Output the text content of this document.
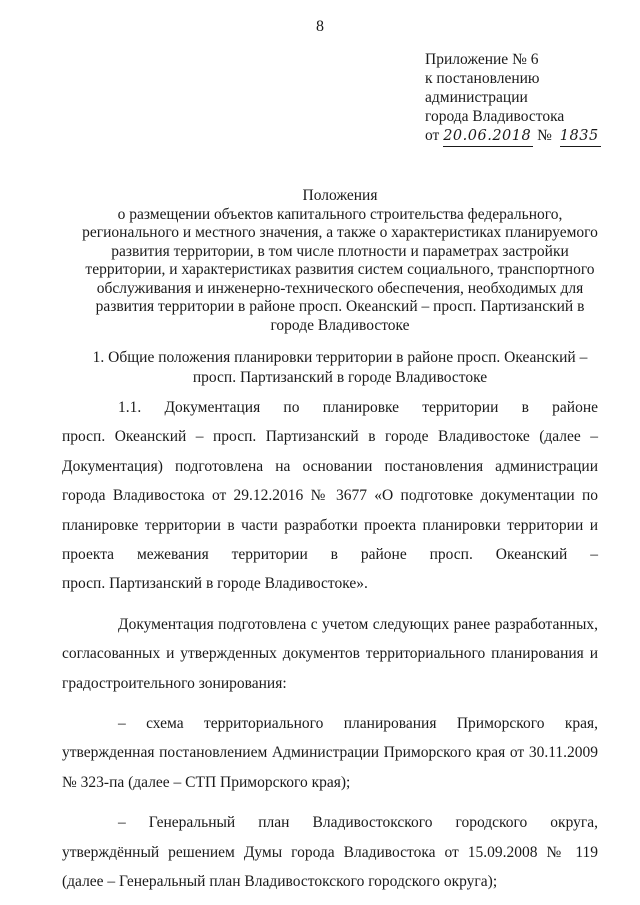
8
Приложение № 6
к постановлению
администрации
города Владивостока
от 20.06.2018 № 1835
Положения
о размещении объектов капитального строительства федерального,
регионального и местного значения, а также о характеристиках планируемого
развития территории, в том числе плотности и параметрах застройки
территории, и характеристиках развития систем социального, транспортного
обслуживания и инженерно-технического обеспечения, необходимых для
развития территории в районе просп. Океанский – просп. Партизанский в
городе Владивостоке
1. Общие положения планировки территории в районе просп. Океанский –
просп. Партизанский в городе Владивостоке
1.1. Документация по планировке территории в районе
просп. Океанский – просп. Партизанский в городе Владивостоке (далее –
Документация) подготовлена на основании постановления администрации
города Владивостока от 29.12.2016 № 3677 «О подготовке документации по
планировке территории в части разработки проекта планировки территории и
проекта межевания территории в районе просп. Океанский –
просп. Партизанский в городе Владивостоке».
Документация подготовлена с учетом следующих ранее разработанных,
согласованных и утвержденных документов территориального планирования и
градостроительного зонирования:
– схема территориального планирования Приморского края,
утвержденная постановлением Администрации Приморского края от 30.11.2009
№ 323-па (далее – СТП Приморского края);
– Генеральный план Владивостокского городского округа,
утверждённый решением Думы города Владивостока от 15.09.2008 № 119
(далее – Генеральный план Владивостокского городского округа);
